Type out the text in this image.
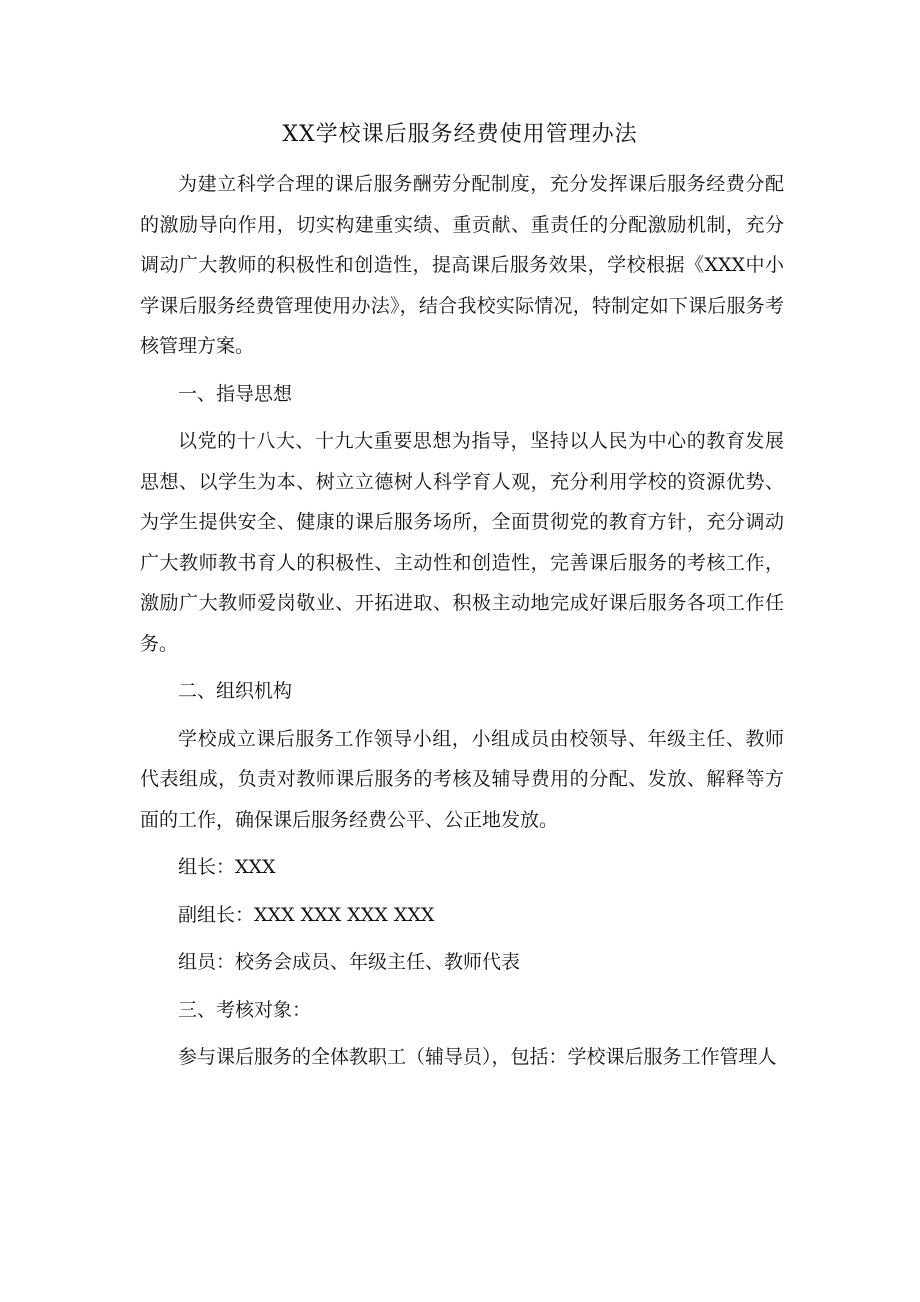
XX学校课后服务经费使用管理办法

为建立科学合理的课后服务酬劳分配制度，充分发挥课后服务经费分配的激励导向作用，切实构建重实绩、重贡献、重责任的分配激励机制，充分调动广大教师的积极性和创造性，提高课后服务效果，学校根据《XXX中小学课后服务经费管理使用办法》，结合我校实际情况，特制定如下课后服务考核管理方案。

一、指导思想

以党的十八大、十九大重要思想为指导，坚持以人民为中心的教育发展思想、以学生为本、树立立德树人科学育人观，充分利用学校的资源优势、为学生提供安全、健康的课后服务场所，全面贯彻党的教育方针，充分调动广大教师教书育人的积极性、主动性和创造性，完善课后服务的考核工作，激励广大教师爱岗敬业、开拓进取、积极主动地完成好课后服务各项工作任务。

二、组织机构

学校成立课后服务工作领导小组，小组成员由校领导、年级主任、教师代表组成，负责对教师课后服务的考核及辅导费用的分配、发放、解释等方面的工作，确保课后服务经费公平、公正地发放。

组长：XXX

副组长：XXX XXX XXX XXX

组员：校务会成员、年级主任、教师代表

三、考核对象：

参与课后服务的全体教职工（辅导员），包括：学校课后服务工作管理人
